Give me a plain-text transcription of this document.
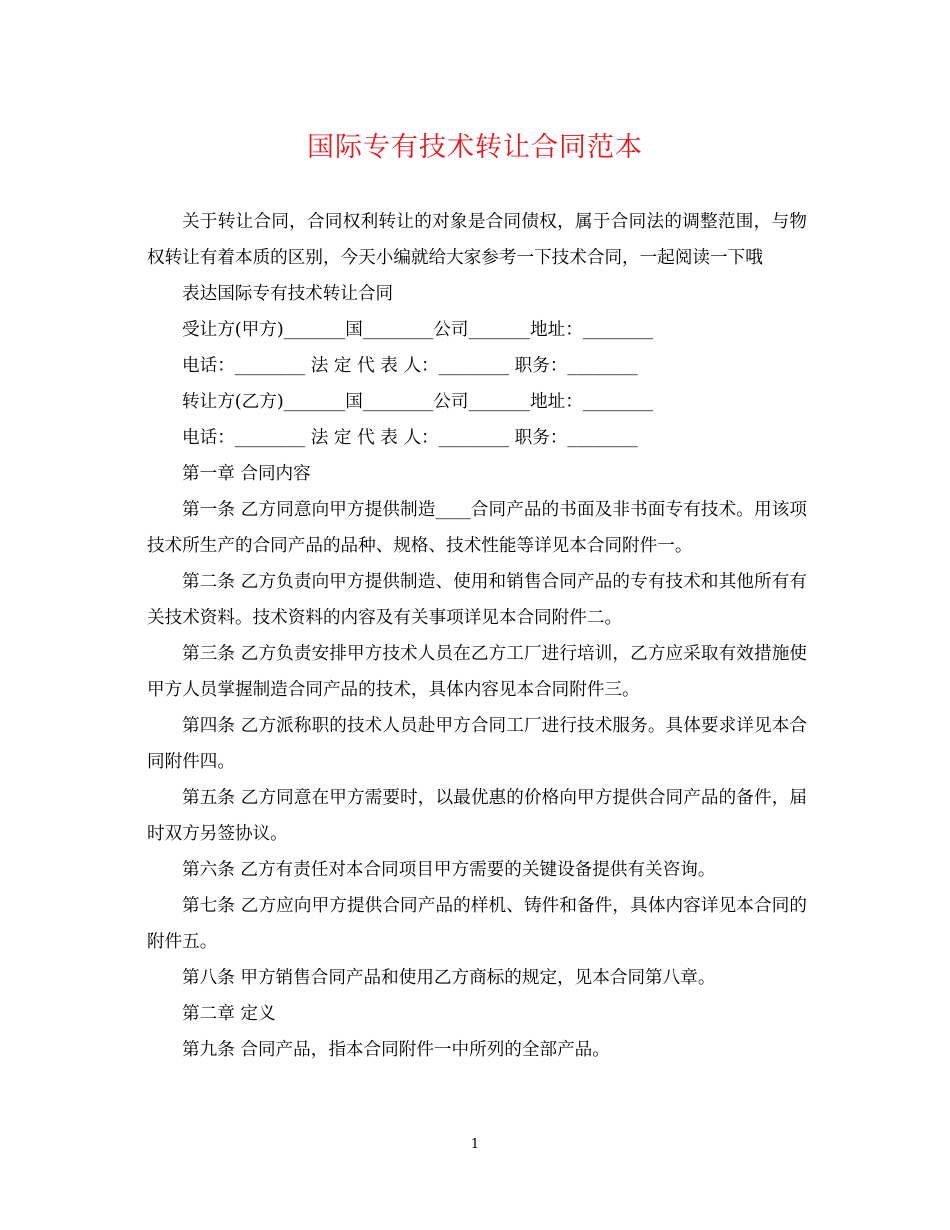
国际专有技术转让合同范本

关于转让合同，合同权利转让的对象是合同债权，属于合同法的调整范围，与物权转让有着本质的区别，今天小编就给大家参考一下技术合同，一起阅读一下哦

表达国际专有技术转让合同

受让方(甲方)_______国________公司_______地址：________

电话：________ 法 定 代 表 人：________ 职务：________

转让方(乙方)_______国________公司_______地址：________

电话：________ 法 定 代 表 人：________ 职务：________

第一章 合同内容

第一条 乙方同意向甲方提供制造____合同产品的书面及非书面专有技术。用该项技术所生产的合同产品的品种、规格、技术性能等详见本合同附件一。

第二条 乙方负责向甲方提供制造、使用和销售合同产品的专有技术和其他所有有关技术资料。技术资料的内容及有关事项详见本合同附件二。

第三条 乙方负责安排甲方技术人员在乙方工厂进行培训，乙方应采取有效措施使甲方人员掌握制造合同产品的技术，具体内容见本合同附件三。

第四条 乙方派称职的技术人员赴甲方合同工厂进行技术服务。具体要求详见本合同附件四。

第五条 乙方同意在甲方需要时，以最优惠的价格向甲方提供合同产品的备件，届时双方另签协议。

第六条 乙方有责任对本合同项目甲方需要的关键设备提供有关咨询。

第七条 乙方应向甲方提供合同产品的样机、铸件和备件，具体内容详见本合同的附件五。

第八条 甲方销售合同产品和使用乙方商标的规定，见本合同第八章。

第二章 定义

第九条 合同产品，指本合同附件一中所列的全部产品。

1
